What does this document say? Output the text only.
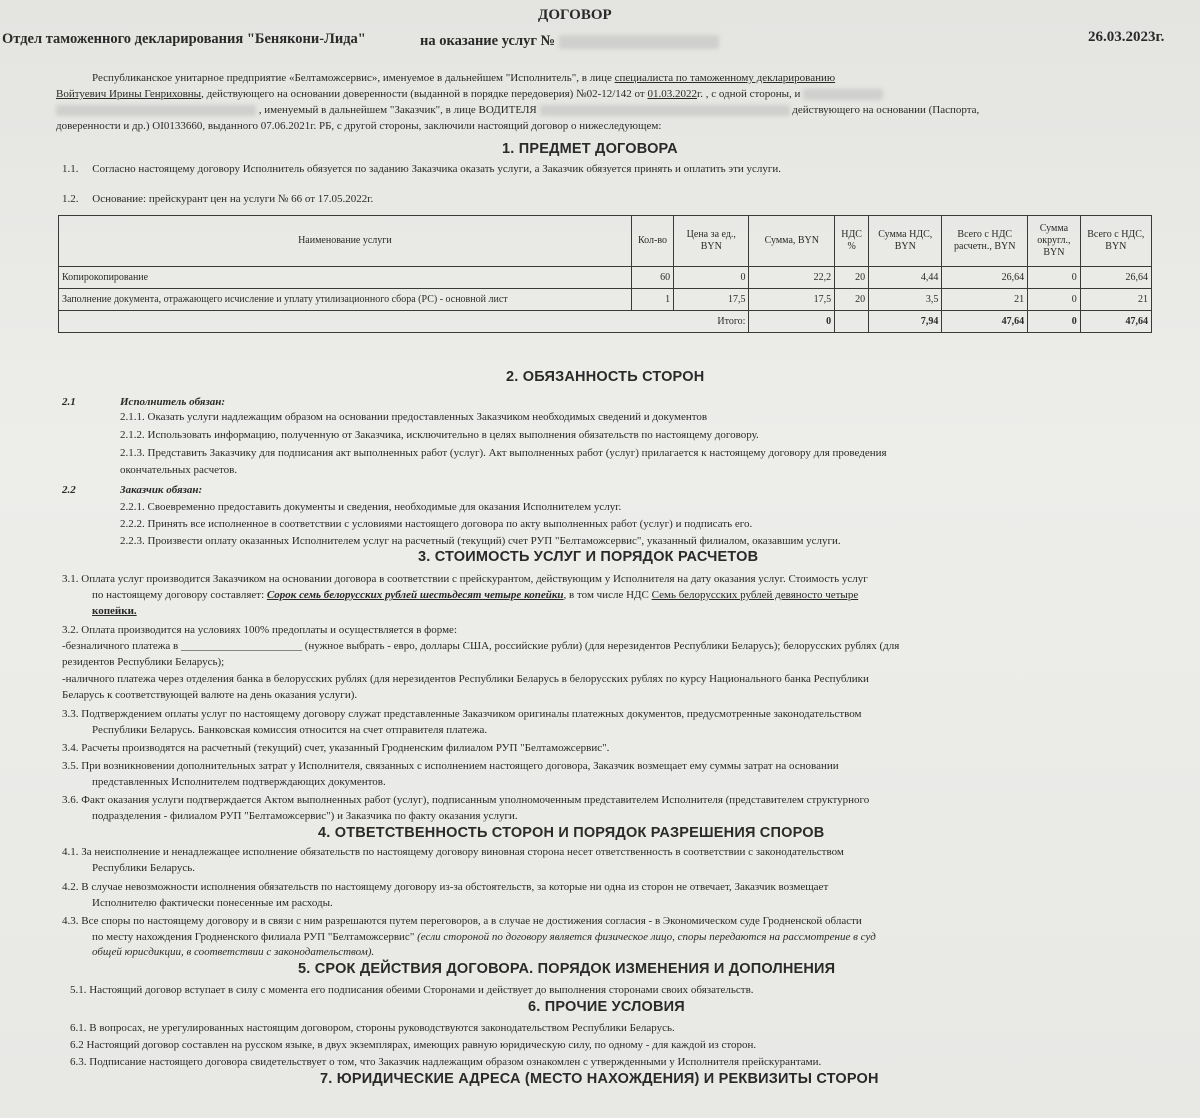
ДОГОВОР
Отдел таможенного декларирования "Бенякони-Лида"	на оказание услуг №	26.03.2023г.
Республиканское унитарное предприятие «Белтаможсервис», именуемое в дальнейшем "Исполнитель", в лице специалиста по таможенному декларированию
Войтуевич Ирины Генриховны, действующего на основании доверенности (выданной в порядке передоверия) №02-12/142 от 01.03.2022г. , с одной стороны, и
, именуемый в дальнейшем "Заказчик", в лице ВОДИТЕЛЯ	действующего на основании (Паспорта,
доверенности и др.) OI0133660, выданного 07.06.2021г. РБ, с другой стороны, заключили настоящий договор о нижеследующем:
1. ПРЕДМЕТ ДОГОВОРА
1.1. Согласно настоящему договору Исполнитель обязуется по заданию Заказчика оказать услуги, а Заказчик обязуется принять и оплатить эти услуги.
1.2. Основание: прейскурант цен на услуги № 66 от 17.05.2022г.
Наименование услуги	Кол-во	Цена за ед., BYN	Сумма, BYN	НДС %	Сумма НДС, BYN	Всего с НДС расчетн., BYN	Сумма округл., BYN	Всего с НДС, BYN
Копирокопирование	60	0	22,2	20	4,44	26,64	0	26,64
Заполнение документа, отражающего исчисление и уплату утилизационного сбора (РС) - основной лист	1	17,5	17,5	20	3,5	21	0	21
Итого:			0		7,94	47,64	0	47,64
2. ОБЯЗАННОСТЬ СТОРОН
2.1	Исполнитель обязан:
2.1.1. Оказать услуги надлежащим образом на основании предоставленных Заказчиком необходимых сведений и документов
2.1.2. Использовать информацию, полученную от Заказчика, исключительно в целях выполнения обязательств по настоящему договору.
2.1.3. Представить Заказчику для подписания акт выполненных работ (услуг). Акт выполненных работ (услуг) прилагается к настоящему договору для проведения
окончательных расчетов.
2.2	Заказчик обязан:
2.2.1. Своевременно предоставить документы и сведения, необходимые для оказания Исполнителем услуг.
2.2.2. Принять все исполненное в соответствии с условиями настоящего договора по акту выполненных работ (услуг) и подписать его.
2.2.3. Произвести оплату оказанных Исполнителем услуг на расчетный (текущий) счет РУП "Белтаможсервис", указанный филиалом, оказавшим услуги.
3. СТОИМОСТЬ УСЛУГ И ПОРЯДОК РАСЧЕТОВ
3.1. Оплата услуг производится Заказчиком на основании договора в соответствии с прейскурантом, действующим у Исполнителя на дату оказания услуг. Стоимость услуг
по настоящему договору составляет: Сорок семь белорусских рублей шестьдесят четыре копейки, в том числе НДС Семь белорусских рублей девяносто четыре
копейки.
3.2. Оплата производится на условиях 100% предоплаты и осуществляется в форме:
-безналичного платежа в ______________________ (нужное выбрать - евро, доллары США, российские рубли) (для нерезидентов Республики Беларусь); белорусских рублях (для
резидентов Республики Беларусь);
-наличного платежа через отделения банка в белорусских рублях (для нерезидентов Республики Беларусь в белорусских рублях по курсу Национального банка Республики
Беларусь к соответствующей валюте на день оказания услуги).
3.3. Подтверждением оплаты услуг по настоящему договору служат представленные Заказчиком оригиналы платежных документов, предусмотренные законодательством
Республики Беларусь. Банковская комиссия относится на счет отправителя платежа.
3.4. Расчеты производятся на расчетный (текущий) счет, указанный Гродненским филиалом РУП "Белтаможсервис".
3.5. При возникновении дополнительных затрат у Исполнителя, связанных с исполнением настоящего договора, Заказчик возмещает ему суммы затрат на основании
представленных Исполнителем подтверждающих документов.
3.6. Факт оказания услуги подтверждается Актом выполненных работ (услуг), подписанным уполномоченным представителем Исполнителя (представителем структурного
подразделения - филиалом РУП "Белтаможсервис") и Заказчика по факту оказания услуги.
4. ОТВЕТСТВЕННОСТЬ СТОРОН И ПОРЯДОК РАЗРЕШЕНИЯ СПОРОВ
4.1. За неисполнение и ненадлежащее исполнение обязательств по настоящему договору виновная сторона несет ответственность в соответствии с законодательством
Республики Беларусь.
4.2. В случае невозможности исполнения обязательств по настоящему договору из-за обстоятельств, за которые ни одна из сторон не отвечает, Заказчик возмещает
Исполнителю фактически понесенные им расходы.
4.3. Все споры по настоящему договору и в связи с ним разрешаются путем переговоров, а в случае не достижения согласия - в Экономическом суде Гродненской области
по месту нахождения Гродненского филиала РУП "Белтаможсервис" (если стороной по договору является физическое лицо, споры передаются на рассмотрение в суд
общей юрисдикции, в соответствии с законодательством).
5. СРОК ДЕЙСТВИЯ ДОГОВОРА. ПОРЯДОК ИЗМЕНЕНИЯ И ДОПОЛНЕНИЯ
5.1. Настоящий договор вступает в силу с момента его подписания обеими Сторонами и действует до выполнения сторонами своих обязательств.
6. ПРОЧИЕ УСЛОВИЯ
6.1. В вопросах, не урегулированных настоящим договором, стороны руководствуются законодательством Республики Беларусь.
6.2 Настоящий договор составлен на русском языке, в двух экземплярах, имеющих равную юридическую силу, по одному - для каждой из сторон.
6.3. Подписание настоящего договора свидетельствует о том, что Заказчик надлежащим образом ознакомлен с утвержденными у Исполнителя прейскурантами.
7. ЮРИДИЧЕСКИЕ АДРЕСА (МЕСТО НАХОЖДЕНИЯ) И РЕКВИЗИТЫ СТОРОН
